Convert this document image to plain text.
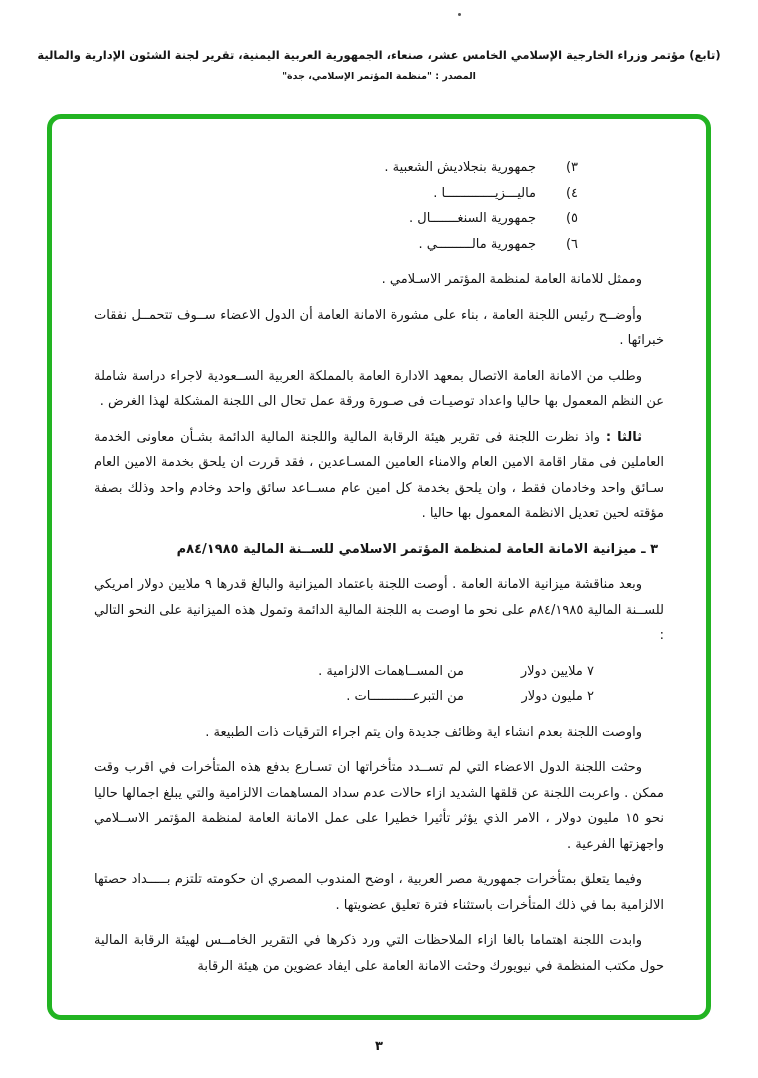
(تابع) مؤتمر وزراء الخارجية الإسلامي الخامس عشر، صنعاء، الجمهورية العربية اليمنية، تقرير لجنة الشئون الإدارية والمالية
المصدر : "منظمة المؤتمر الإسلامي، جدة"
٣)
جمهورية بنجلاديش الشعبية .
٤)
ماليـــزيـــــــــــــا .
٥)
جمهورية السنغـــــــال .
٦)
جمهورية مالـــــــــي .

وممثل للامانة العامة لمنظمة المؤتمر الاسـلامي .

وأوضــح رئيس اللجنة العامة ، بناء على مشورة الامانة العامة أن الدول الاعضاء ســوف تتحمــل نفقات خبرائها .

وطلب من الامانة العامة الاتصال بمعهد الادارة العامة بالمملكة العربية الســعودية لاجراء دراسة شاملة عن النظم المعمول بها حاليا واعداد توصيـات فى صـورة ورقة عمل تحال الى اللجنة المشكلة لهذا الغرض .

ثالثا : واذ نظرت اللجنة فى تقرير هيئة الرقابة المالية واللجنة المالية الدائمة بشـأن معاونى الخدمة العاملين فى مقار اقامة الامين العام والامناء العامين المسـاعدين ، فقد قررت ان يلحق بخدمة الامين العام سـائق واحد وخادمان فقط ، وان يلحق بخدمة كل امين عام مســاعد سائق واحد وخادم واحد وذلك بصفة مؤقته لحين تعديل الانظمة المعمول بها حاليا .

٣ ـ ميزانية الامانة العامة لمنظمة المؤتمر الاسلامي للســنة المالية ٨٤/١٩٨٥م

وبعد مناقشة ميزانية الامانة العامة . أوصت اللجنة باعتماد الميزانية والبالغ قدرها ٩ ملايين دولار امريكي للســنة المالية ٨٤/١٩٨٥م على نحو ما اوصت به اللجنة المالية الدائمة وتمول هذه الميزانية على النحو التالي :

٧ ملايين دولار
من المســاهمات الالزامية .
٢ مليون دولار
من التبرعـــــــــــات .

واوصت اللجنة بعدم انشاء اية وظائف جديدة وان يتم اجراء الترقيات ذات الطبيعة .

وحثت اللجنة الدول الاعضاء التي لم تســدد متأخراتها ان تسـارع بدفع هذه المتأخرات في اقرب وقت ممكن . واعربت اللجنة عن قلقها الشديد ازاء حالات عدم سداد المساهمات الالزامية والتي يبلغ اجمالها حاليا نحو ١٥ مليون دولار ، الامر الذي يؤثر تأثيرا خطيرا على عمل الامانة العامة لمنظمة المؤتمر الاســلامي واجهزتها الفرعية .

وفيما يتعلق بمتأخرات جمهورية مصر العربية ، اوضح المندوب المصري ان حكومته تلتزم بـــــداد حصتها الالزامية بما في ذلك المتأخرات باستثناء فترة تعليق عضويتها .

وابدت اللجنة اهتماما بالغا ازاء الملاحظات التي ورد ذكرها في التقرير الخامــس لهيئة الرقابة المالية حول مكتب المنظمة في نيويورك وحثت الامانة العامة على ايفاد عضوين من هيئة الرقابة

٣
